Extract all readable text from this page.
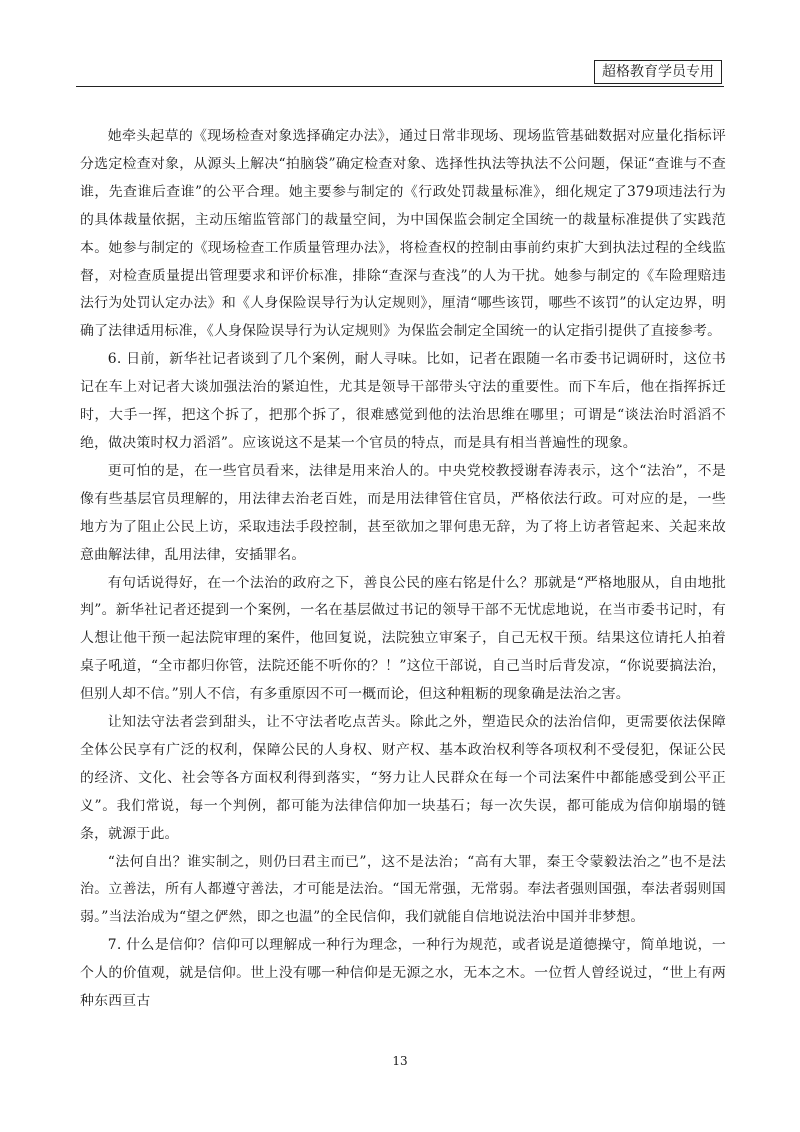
超格教育学员专用

她牵头起草的《现场检查对象选择确定办法》，通过日常非现场、现场监管基础数据对应量化指标评分选定检查对象，从源头上解决“拍脑袋”确定检查对象、选择性执法等执法不公问题，保证“查谁与不查谁，先查谁后查谁”的公平合理。她主要参与制定的《行政处罚裁量标准》，细化规定了379项违法行为的具体裁量依据，主动压缩监管部门的裁量空间，为中国保监会制定全国统一的裁量标准提供了实践范本。她参与制定的《现场检查工作质量管理办法》，将检查权的控制由事前约束扩大到执法过程的全线监督，对检查质量提出管理要求和评价标准，排除“查深与查浅”的人为干扰。她参与制定的《车险理赔违法行为处罚认定办法》和《人身保险误导行为认定规则》，厘清“哪些该罚，哪些不该罚”的认定边界，明确了法律适用标准，《人身保险误导行为认定规则》为保监会制定全国统一的认定指引提供了直接参考。

6. 日前，新华社记者谈到了几个案例，耐人寻味。比如，记者在跟随一名市委书记调研时，这位书记在车上对记者大谈加强法治的紧迫性，尤其是领导干部带头守法的重要性。而下车后，他在指挥拆迁时，大手一挥，把这个拆了，把那个拆了，很难感觉到他的法治思维在哪里；可谓是“谈法治时滔滔不绝，做决策时权力滔滔”。应该说这不是某一个官员的特点，而是具有相当普遍性的现象。

更可怕的是，在一些官员看来，法律是用来治人的。中央党校教授谢春涛表示，这个“法治”，不是像有些基层官员理解的，用法律去治老百姓，而是用法律管住官员，严格依法行政。可对应的是，一些地方为了阻止公民上访，采取违法手段控制，甚至欲加之罪何患无辞，为了将上访者管起来、关起来故意曲解法律，乱用法律，安插罪名。

有句话说得好，在一个法治的政府之下，善良公民的座右铭是什么？那就是“严格地服从，自由地批判”。新华社记者还提到一个案例，一名在基层做过书记的领导干部不无忧虑地说，在当市委书记时，有人想让他干预一起法院审理的案件，他回复说，法院独立审案子，自己无权干预。结果这位请托人拍着桌子吼道，“全市都归你管，法院还能不听你的？！”这位干部说，自己当时后背发凉，“你说要搞法治，但别人却不信。”别人不信，有多重原因不可一概而论，但这种粗粝的现象确是法治之害。

让知法守法者尝到甜头，让不守法者吃点苦头。除此之外，塑造民众的法治信仰，更需要依法保障全体公民享有广泛的权利，保障公民的人身权、财产权、基本政治权利等各项权利不受侵犯，保证公民的经济、文化、社会等各方面权利得到落实，“努力让人民群众在每一个司法案件中都能感受到公平正义”。我们常说，每一个判例，都可能为法律信仰加一块基石；每一次失误，都可能成为信仰崩塌的链条，就源于此。

“法何自出？谁实制之，则仍曰君主而已”，这不是法治；“高有大罪，秦王令蒙毅法治之”也不是法治。立善法，所有人都遵守善法，才可能是法治。“国无常强，无常弱。奉法者强则国强，奉法者弱则国弱。”当法治成为“望之俨然，即之也温”的全民信仰，我们就能自信地说法治中国并非梦想。

7. 什么是信仰？信仰可以理解成一种行为理念，一种行为规范，或者说是道德操守，简单地说，一个人的价值观，就是信仰。世上没有哪一种信仰是无源之水，无本之木。一位哲人曾经说过，“世上有两种东西亘古

13
